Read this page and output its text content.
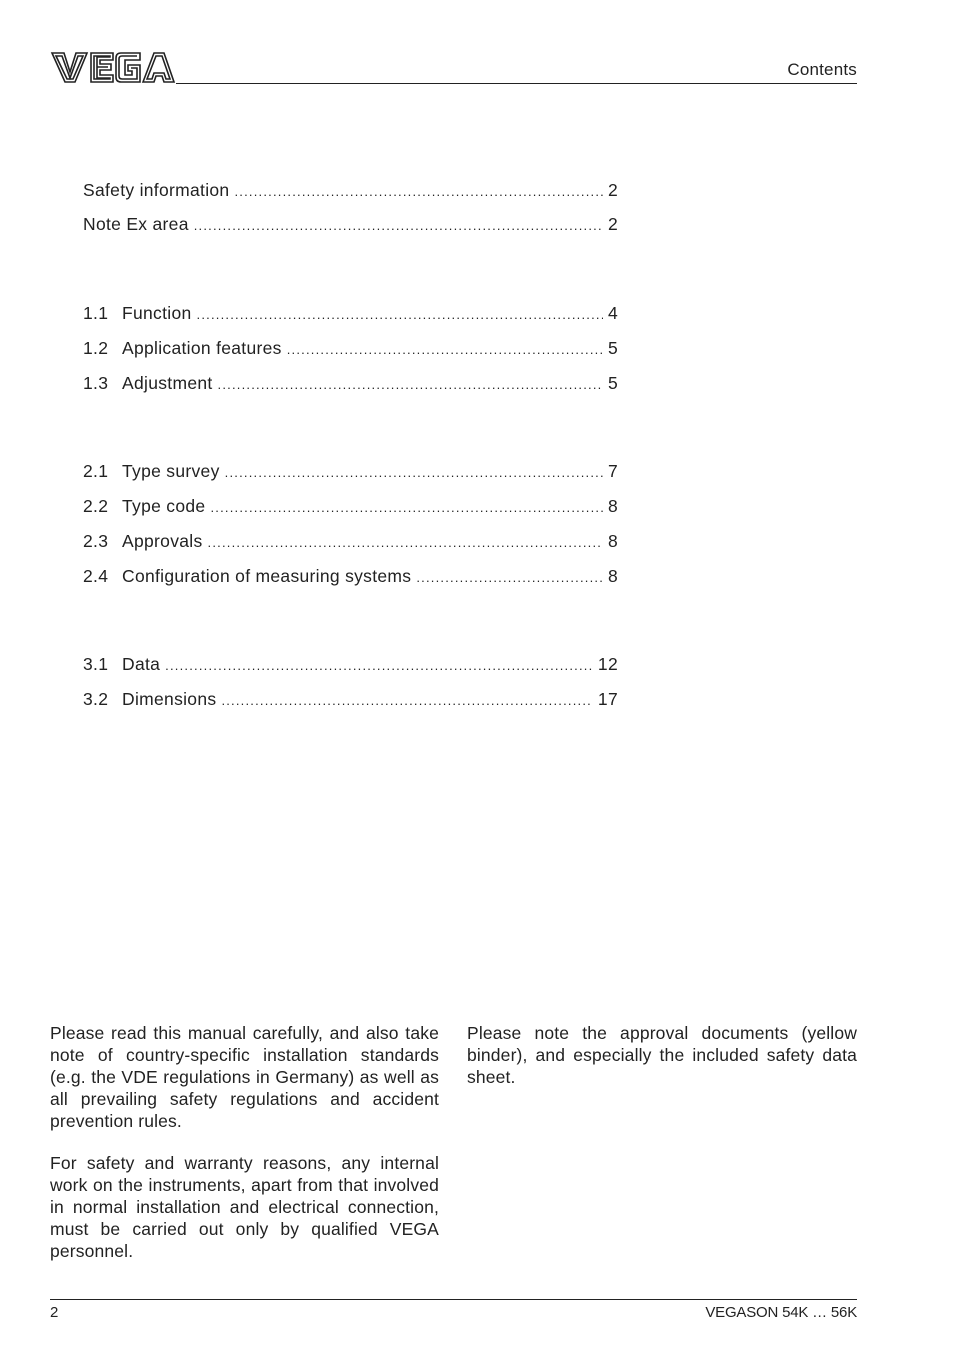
Contents
Safety information .....	2
Note Ex area .....	2
1.1 Function .....	4
1.2 Application features .....	5
1.3 Adjustment .....	5
2.1 Type survey .....	7
2.2 Type code .....	8
2.3 Approvals .....	8
2.4 Configuration of measuring systems .....	8
3.1 Data .....	12
3.2 Dimensions .....	17

Please read this manual carefully, and also take note of country-specific installation standards (e.g. the VDE regulations in Germany) as well as all prevailing safety regulations and accident prevention rules.

For safety and warranty reasons, any internal work on the instruments, apart from that involved in normal installation and electrical connection, must be carried out only by qualified VEGA personnel.

Please note the approval documents (yellow binder), and especially the included safety data sheet.

2	VEGASON 54K … 56K
